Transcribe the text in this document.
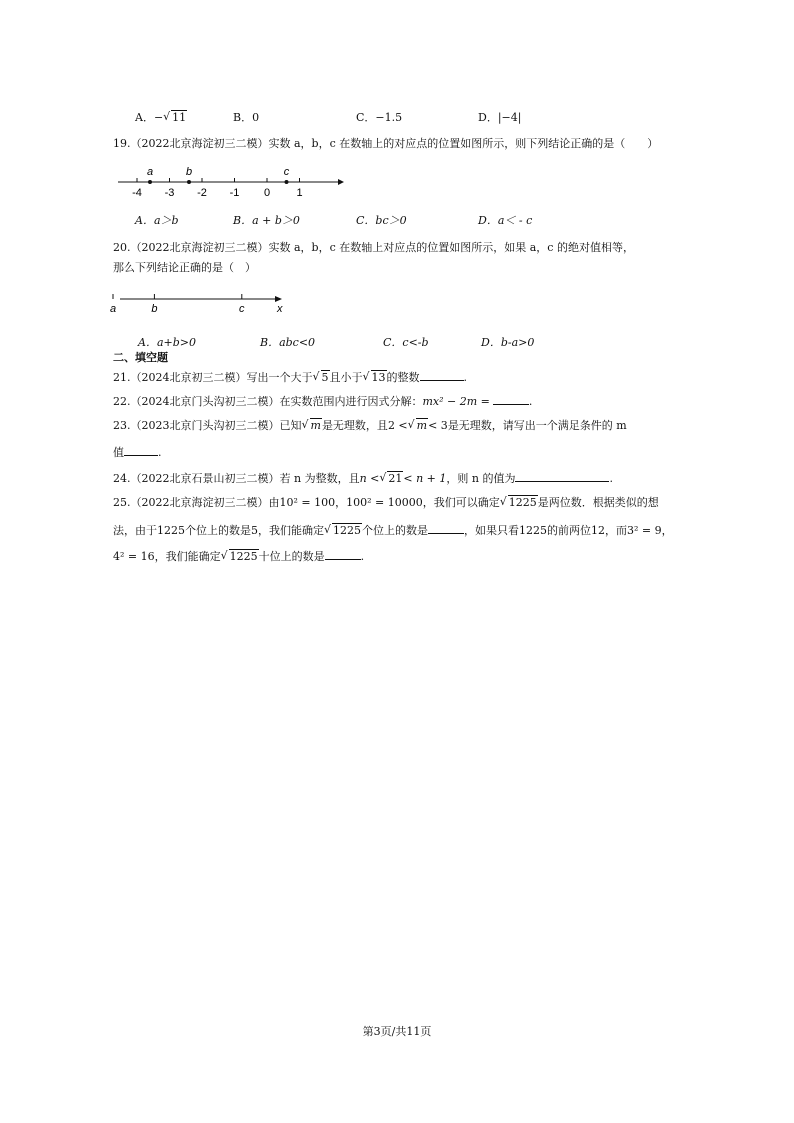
A．− √ 11	B．0	C．−1.5	D．|−4|
19.（2022北京海淀初三二模）实数 a，b，c 在数轴上的对应点的位置如图所示，则下列结论正确的是（　　）
-4 -3 -2 -1 0 1
a	b	c
A．a＞b	B．a + b＞0	C．bc＞0	D．a＜ - c
20.（2022北京海淀初三二模）实数 a，b，c 在数轴上对应点的位置如图所示，如果 a，c 的绝对值相等，
那么下列结论正确的是（　）
a	b	c	x
A．a+b>0	B．abc<0	C．c<-b	D．b-a>0
二、填空题
21.（2024北京初三二模）写出一个大于 √ 5且小于 √ 13的整数	.
22.（2024北京门头沟初三二模）在实数范围内进行因式分解：mx² − 2m =	.
23.（2023北京门头沟初三二模）已知 √ m是无理数，且2 < √ m< 3是无理数，请写出一个满足条件的 m
值	.
24.（2022北京石景山初三二模）若 n 为整数，且n < √ 21< n + 1，则 n 的值为	.
25.（2022北京海淀初三二模）由10² = 100，100² = 10000，我们可以确定 √ 1225是两位数．根据类似的想
法，由于1225个位上的数是5，我们能确定 √ 1225个位上的数是	，如果只看1225的前两位12，而3² = 9，
4² = 16，我们能确定 √ 1225十位上的数是	.
第3页/共11页
